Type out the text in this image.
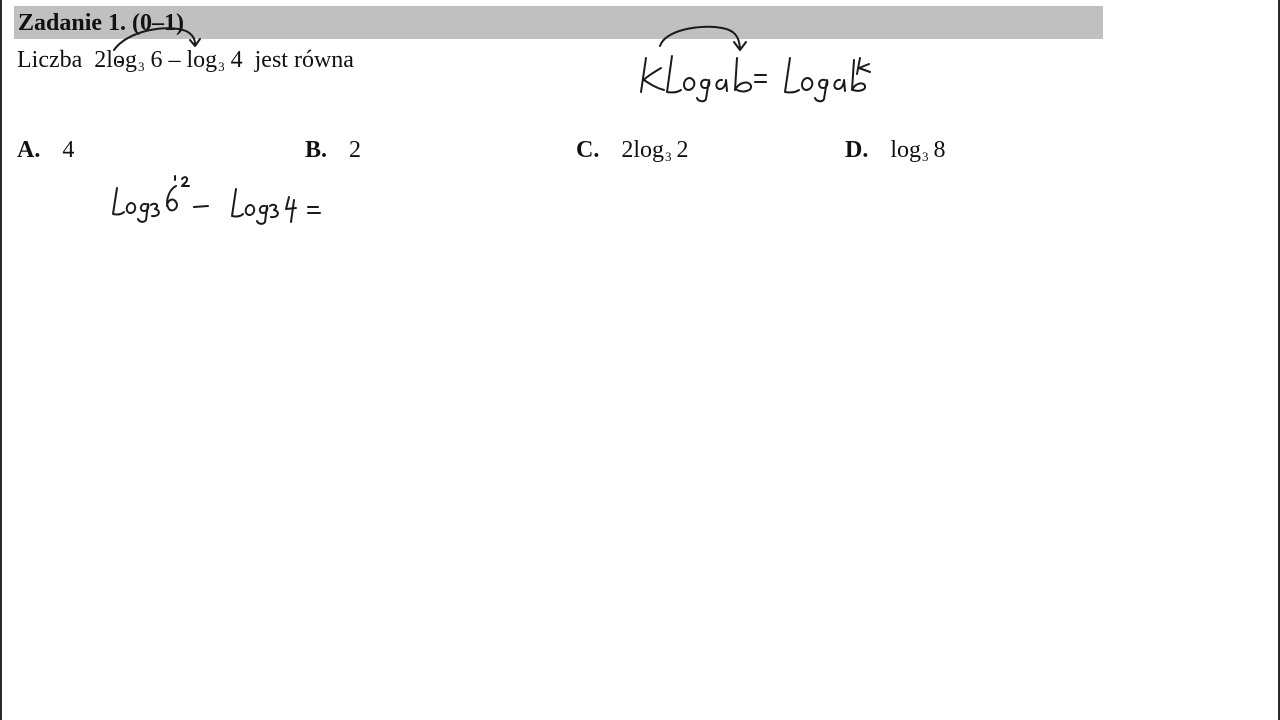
Zadanie 1. (0–1)
Liczba $2\log_3$ $6 - \log_3 4$ jest równa
A. 4	B. 2	C. $2\log_3$ 2	D. $\log_3 8$
